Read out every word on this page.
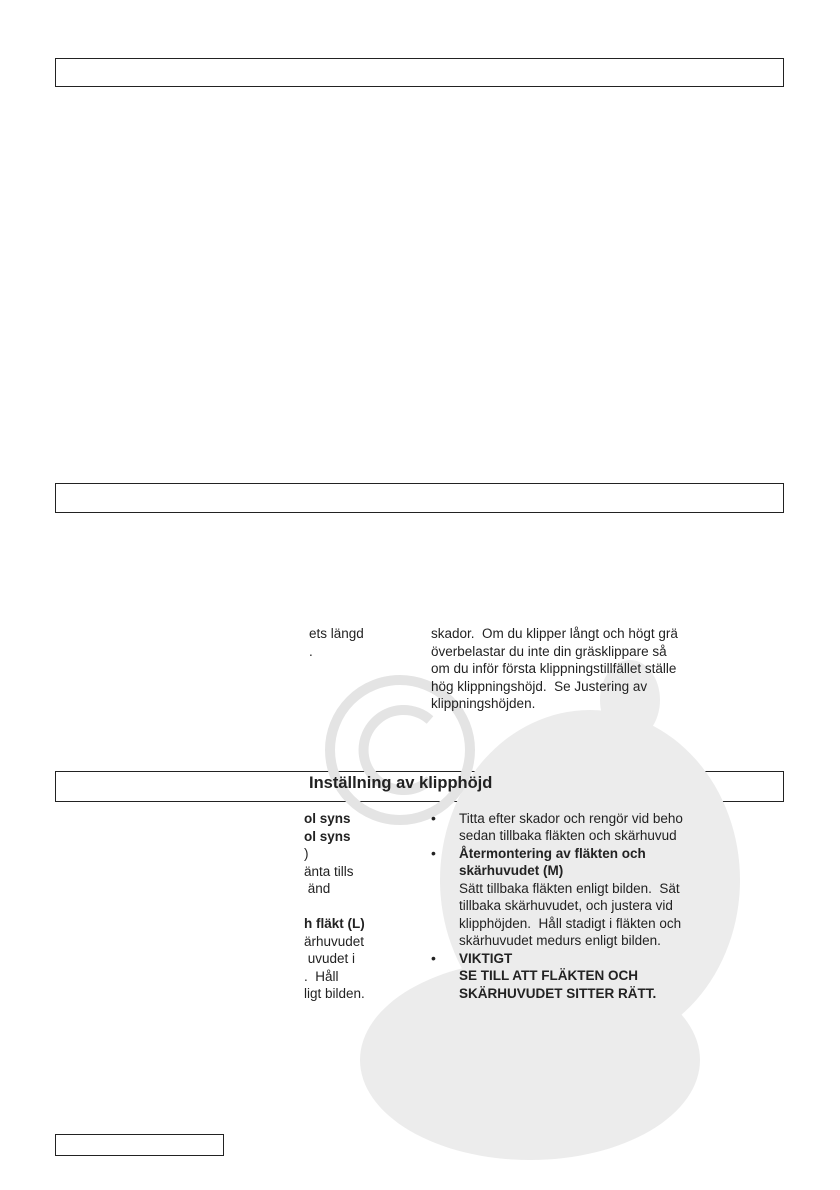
ets längd
.
skador.  Om du klipper långt och högt grä
överbelastar du inte din gräsklippare så
om du inför första klippningstillfället ställe
hög klippningshöjd.  Se Justering av
klippningshöjden.
Inställning av klipphöjd
ol syns
ol syns
)
änta tills
änd
h fläkt (L)
ärhuvudet
uvudet i
.  Håll
ligt bilden.
• Titta efter skador och rengör vid beho
sedan tillbaka fläkten och skärhuvud
• Återmontering av fläkten och
skärhuvudet (M)
Sätt tillbaka fläkten enligt bilden.  Sät
tillbaka skärhuvudet, och justera vid
klipphöjden.  Håll stadigt i fläkten och
skärhuvudet medurs enligt bilden.
• VIKTIGT
SE TILL ATT FLÄKTEN OCH
SKÄRHUVUDET SITTER RÄTT.
